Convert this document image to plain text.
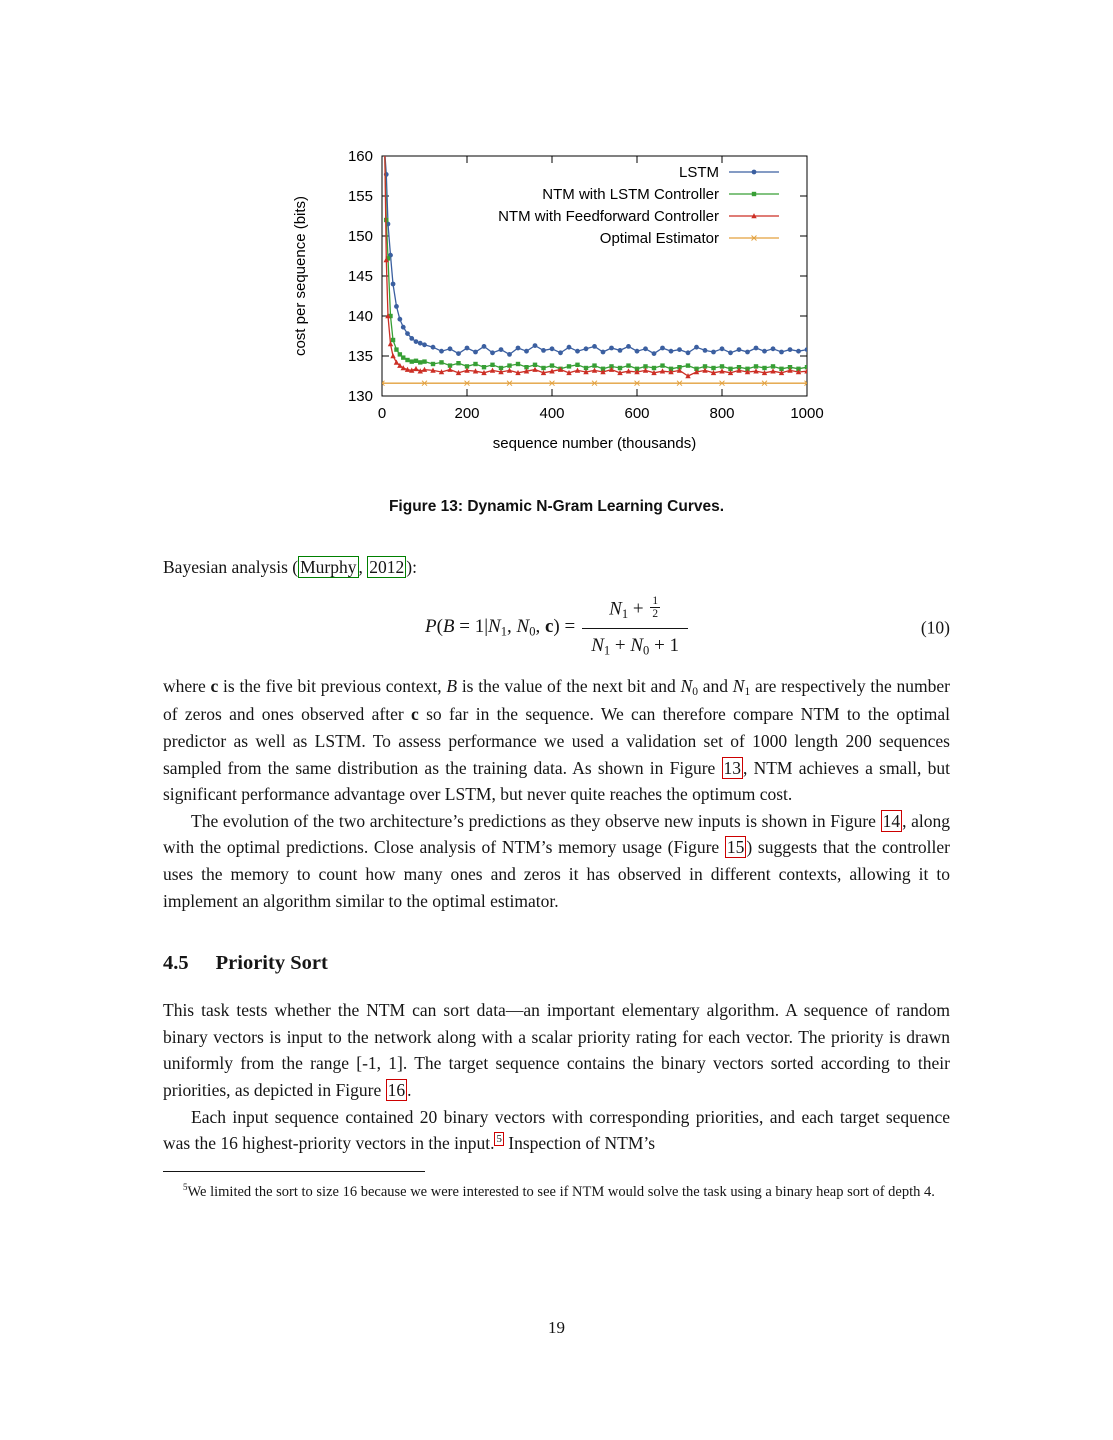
130
135
140
145
150
155
160
0	200	400	600	800	1000
sequence number (thousands)
cost per sequence (bits)
LSTM
NTM with LSTM Controller
NTM with Feedforward Controller
Optimal Estimator
Figure 13: Dynamic N-Gram Learning Curves.

Bayesian analysis ( Murphy , 2012 ):

P(B = 1|N1, N0, $c) = \frac{N1 + \frac{1}{2}}{N1 + N0 + 1}$	(10)

where c is the five bit previous context, B is the value of the next bit and N0 and N1 are respectively the number of zeros and ones observed after c so far in the sequence. We can therefore compare NTM to the optimal predictor as well as LSTM. To assess performance we used a validation set of 1000 length 200 sequences sampled from the same distribution as the training data. As shown in Figure 13 , NTM achieves a small, but significant performance advantage over LSTM, but never quite reaches the optimum cost.

The evolution of the two architecture’s predictions as they observe new inputs is shown in Figure 14 , along with the optimal predictions. Close analysis of NTM’s memory usage (Figure 15 ) suggests that the controller uses the memory to count how many ones and zeros it has observed in different contexts, allowing it to implement an algorithm similar to the optimal estimator.

4.5 Priority Sort

This task tests whether the NTM can sort data—an important elementary algorithm. A sequence of random binary vectors is input to the network along with a scalar priority rating for each vector. The priority is drawn uniformly from the range [-1, 1]. The target sequence contains the binary vectors sorted according to their priorities, as depicted in Figure 16 .

Each input sequence contained 20 binary vectors with corresponding priorities, and each target sequence was the 16 highest-priority vectors in the input. $^5$ Inspection of NTM’s

$^5$We limited the sort to size 16 because we were interested to see if NTM would solve the task using a binary heap sort of depth 4.

19
